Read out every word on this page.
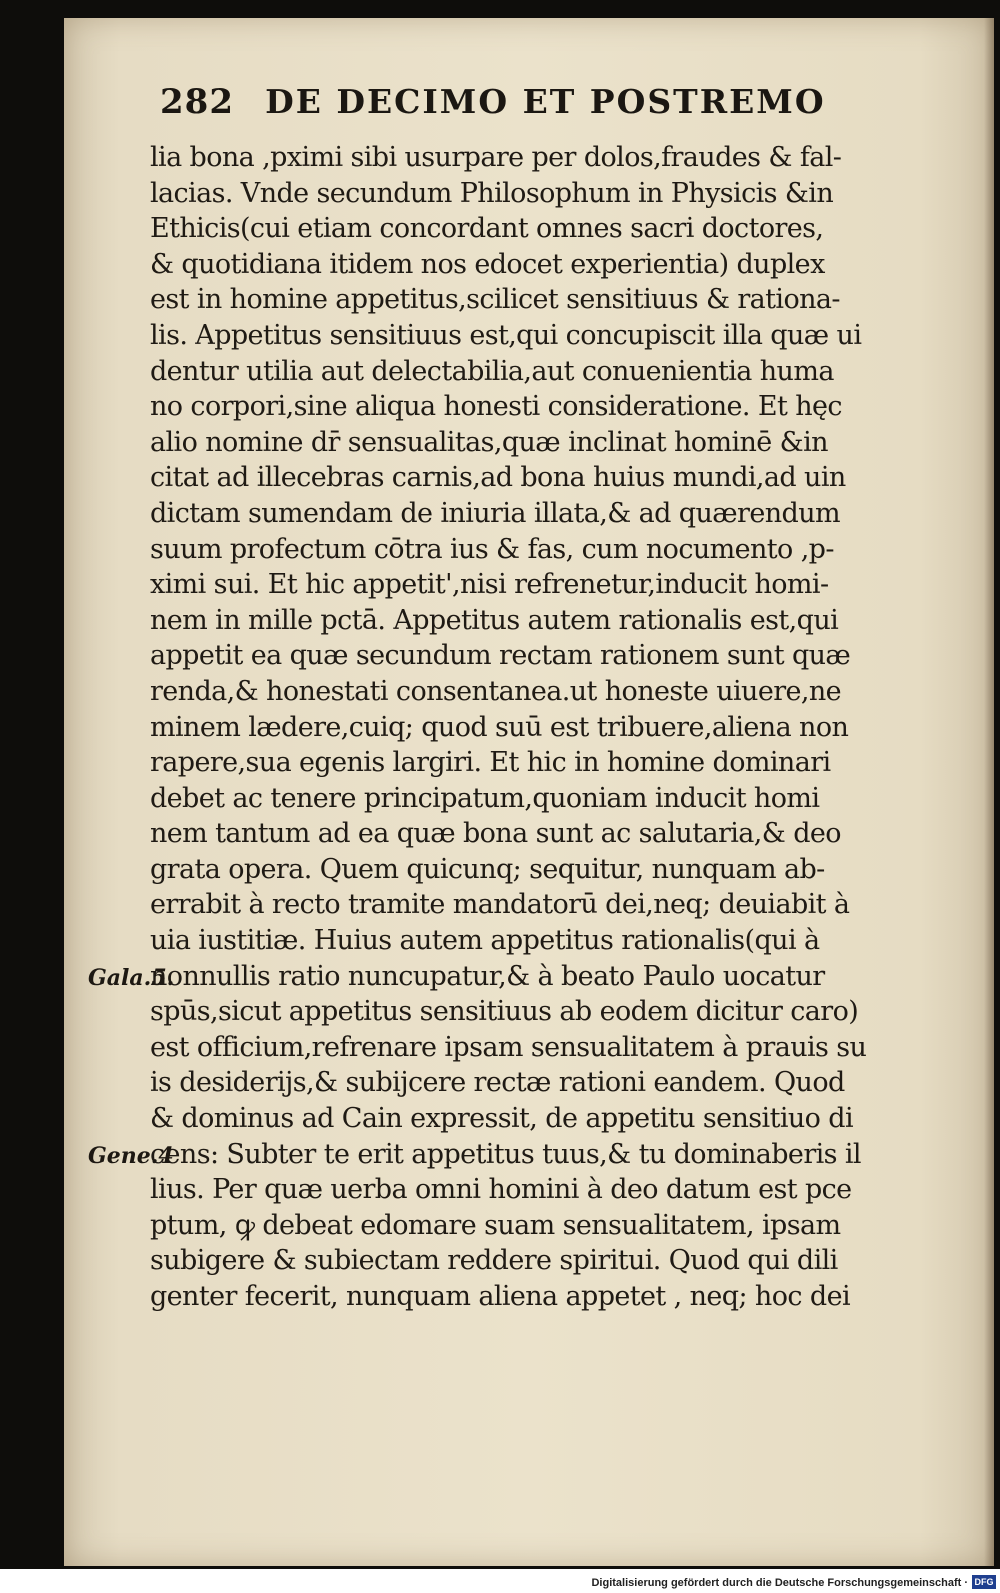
282 DE DECIMO ET POSTREMO
lia bona ,pximi sibi usurpare per dolos,fraudes & fal-
lacias. Vnde secundum Philosophum in Physicis &in
Ethicis(cui etiam concordant omnes sacri doctores,
& quotidiana itidem nos edocet experientia) duplex
est in homine appetitus,scilicet sensitiuus & rationa-
lis. Appetitus sensitiuus est,qui concupiscit illa quæ ui
dentur utilia aut delectabilia,aut conuenientia huma
no corpori,sine aliqua honesti consideratione. Et hęc
alio nomine dr̄ sensualitas,quæ inclinat hominē &in
citat ad illecebras carnis,ad bona huius mundi,ad uin
dictam sumendam de iniuria illata,& ad quærendum
suum profectum cōtra ius & fas, cum nocumento ,p-
ximi sui. Et hic appetit',nisi refrenetur,inducit homi-
nem in mille pctā. Appetitus autem rationalis est,qui
appetit ea quæ secundum rectam rationem sunt quæ
renda,& honestati consentanea.ut honeste uiuere,ne
minem lædere,cuiq; quod suū est tribuere,aliena non
rapere,sua egenis largiri. Et hic in homine dominari
debet ac tenere principatum,quoniam inducit homi
nem tantum ad ea quæ bona sunt ac salutaria,& deo
grata opera. Quem quicunq; sequitur, nunquam ab-
errabit à recto tramite mandatorū dei,neq; deuiabit à
uia iustitiæ. Huius autem appetitus rationalis(qui à
nonnullis ratio nuncupatur,& à beato Paulo uocatur
spūs,sicut appetitus sensitiuus ab eodem dicitur caro)
est officium,refrenare ipsam sensualitatem à prauis su
is desiderijs,& subijcere rectæ rationi eandem. Quod
& dominus ad Cain expressit, de appetitu sensitiuo di
cens: Subter te erit appetitus tuus,& tu dominaberis il
lius. Per quæ uerba omni homini à deo datum est pce
ptum, ꝙ debeat edomare suam sensualitatem, ipsam
subigere & subiectam reddere spiritui. Quod qui dili
genter fecerit, nunquam aliena appetet , neq; hoc dei
Gala.5.
Gene.4
Digitalisierung gefördert durch die Deutsche Forschungsgemeinschaft · DFG
